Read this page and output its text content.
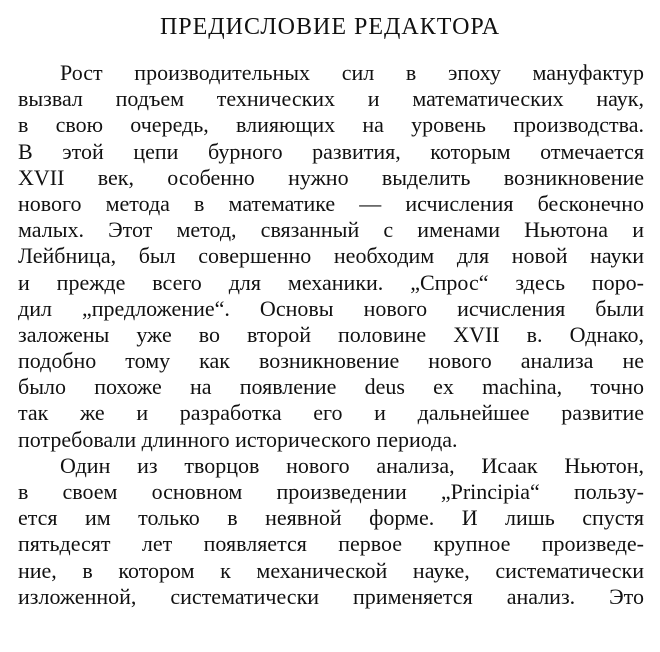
ПРЕДИСЛОВИЕ РЕДАКТОРА
Рост производительных сил в эпоху мануфактур
вызвал подъем технических и математических наук,
в свою очередь, влияющих на уровень производства.
В этой цепи бурного развития, которым отмечается
XVII век, особенно нужно выделить возникновение
нового метода в математике — исчисления бесконечно
малых. Этот метод, связанный с именами Ньютона и
Лейбница, был совершенно необходим для новой науки
и прежде всего для механики. „Спрос“ здесь поро-
дил „предложение“. Основы нового исчисления были
заложены уже во второй половине XVII в. Однако,
подобно тому как возникновение нового анализа не
было похоже на появление deus ex machina, точно
так же и разработка его и дальнейшее развитие
потребовали длинного исторического периода.
Один из творцов нового анализа, Исаак Ньютон,
в своем основном произведении „Principia“ пользу-
ется им только в неявной форме. И лишь спустя
пятьдесят лет появляется первое крупное произведе-
ние, в котором к механической науке, систематически
изложенной, систематически применяется анализ. Это
